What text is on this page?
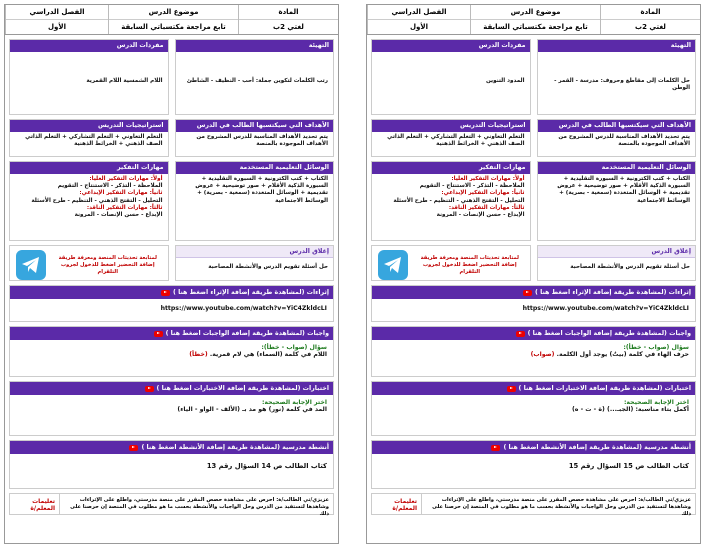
المادة
لغتي 2ب
موضوع الدرس
تابع مراجعة مكتسباتي السابقة
الفصل الدراسي
الأول
التهيئة
حل الكلمات إلى مقاطع وحروف: مدرسة - القمر - الوطن
مفردات الدرس
المدود التنوين
الأهداف التي سيكتسبها الطالب في الدرس
يتم تحديد الأهداف المناسبة للدرس المشروح من الأهداف الموجودة بالمنصة
استراتيجيات التدريس
التعلم التعاوني + التعلم التشاركي + التعلم الذاتي الصف الذهني + الخرائط الذهنية
الوسائل التعليمية المستخدمة
الكتاب + كتب الكترونية + السبورة التقليدية + السبورة الذكية الأقلام + صور توضيحية + عروض تقديمية + الوسائل المتعددة (سمعية - بصرية) + الوسائط الاجتماعية
مهارات التفكير
أولاً: مهارات التفكير العليا:
الملاحظة - التذكر - الاستنتاج - التقويم
ثانياً: مهارات التفكير الإبداعي:
التحليل - التفتح الذهني - التنظيم - طرح الأسئلة
ثالثاً: مهارات التفكير الناقد:
الإبداع - حسن الإنصات - المرونة
إغلاق الدرس
حل أسئلة تقويم الدرس والأنشطة المصاحبة
لمتابعة تحديثات المنصة ومعرفة طريقة إضافة التحضير اضغط للدخول لجروب التلقرام
إثراءات (لمشاهدة طريقة إضافة الإثراء اضغط هنا )
https://www.youtube.com/watch?v=YiC4ZkldcLI
واجبات (لمشاهدة طريقة إضافة الواجبات اضغط هنا )
سؤال (صواب - خطأ):
حرف الهاء في كلمة (بيتٌ) يوجد أول الكلمة. (صواب)
اختبارات (لمشاهدة طريقة إضافة الاختبارات اضغط هنا )
اختر الإجابة الصحيحة:
أكمل بتاء مناسبة: (الجبـ...) (ة - ت - ه)
أنشطة مدرسية (لمشاهدة طريقة إضافة الأنشطة اضغط هنا )
كتاب الطالب ص 15 السؤال رقم 15
عزيزي/تي الطالب/ة: احرص على مشاهدة حصص المقرر على منصة مدرستي، واطلع على الإثراءات وشاهدها لتستفيد من الدرس وحل الواجبات والأنشطة بحسب ما هو مطلوب في المنصة إن حرصنا على ذلك
تعليمات المعلم/ة
المادة
لغتي 2ب
موضوع الدرس
تابع مراجعة مكتسباتي السابقة
الفصل الدراسي
الأول
التهيئة
رتب الكلمات لتكوين جملة: أحب - النظيف - الشاطئ
مفردات الدرس
اللام الشمسية اللام القمرية
الأهداف التي سيكتسبها الطالب في الدرس
يتم تحديد الأهداف المناسبة للدرس المشروح من الأهداف الموجودة بالمنصة
استراتيجيات التدريس
التعلم التعاوني + التعلم التشاركي + التعلم الذاتي الصف الذهني + الخرائط الذهنية
الوسائل التعليمية المستخدمة
الكتاب + كتب الكترونية + السبورة التقليدية + السبورة الذكية الأقلام + صور توضيحية + عروض تقديمية + الوسائل المتعددة (سمعية - بصرية) + الوسائط الاجتماعية
مهارات التفكير
أولاً: مهارات التفكير العليا:
الملاحظة - التذكر - الاستنتاج - التقويم
ثانياً: مهارات التفكير الإبداعي:
التحليل - التفتح الذهني - التنظيم - طرح الأسئلة
ثالثاً: مهارات التفكير الناقد:
الإبداع - حسن الإنصات - المرونة
إغلاق الدرس
حل أسئلة تقويم الدرس والأنشطة المصاحبة
لمتابعة تحديثات المنصة ومعرفة طريقة إضافة التحضير اضغط للدخول لجروب التلقرام
إثراءات (لمشاهدة طريقة إضافة الإثراء اضغط هنا )
https://www.youtube.com/watch?v=YiC4ZkldcLI
واجبات (لمشاهدة طريقة إضافة الواجبات اضغط هنا )
سؤال (صواب - خطأ):
اللام في كلمة (السماء) هي لام قمرية. (خطأ)
اختبارات (لمشاهدة طريقة إضافة الاختبارات اضغط هنا )
اختر الإجابة الصحيحة:
المد في كلمة (نور) هو مد بـ (الألف - الواو - الياء)
أنشطة مدرسية (لمشاهدة طريقة إضافة الأنشطة اضغط هنا )
كتاب الطالب ص 14 السؤال رقم 13
عزيزي/تي الطالب/ة: احرص على مشاهدة حصص المقرر على منصة مدرستي، واطلع على الإثراءات وشاهدها لتستفيد من الدرس وحل الواجبات والأنشطة بحسب ما هو مطلوب في المنصة إن حرصنا على ذلك
تعليمات المعلم/ة
